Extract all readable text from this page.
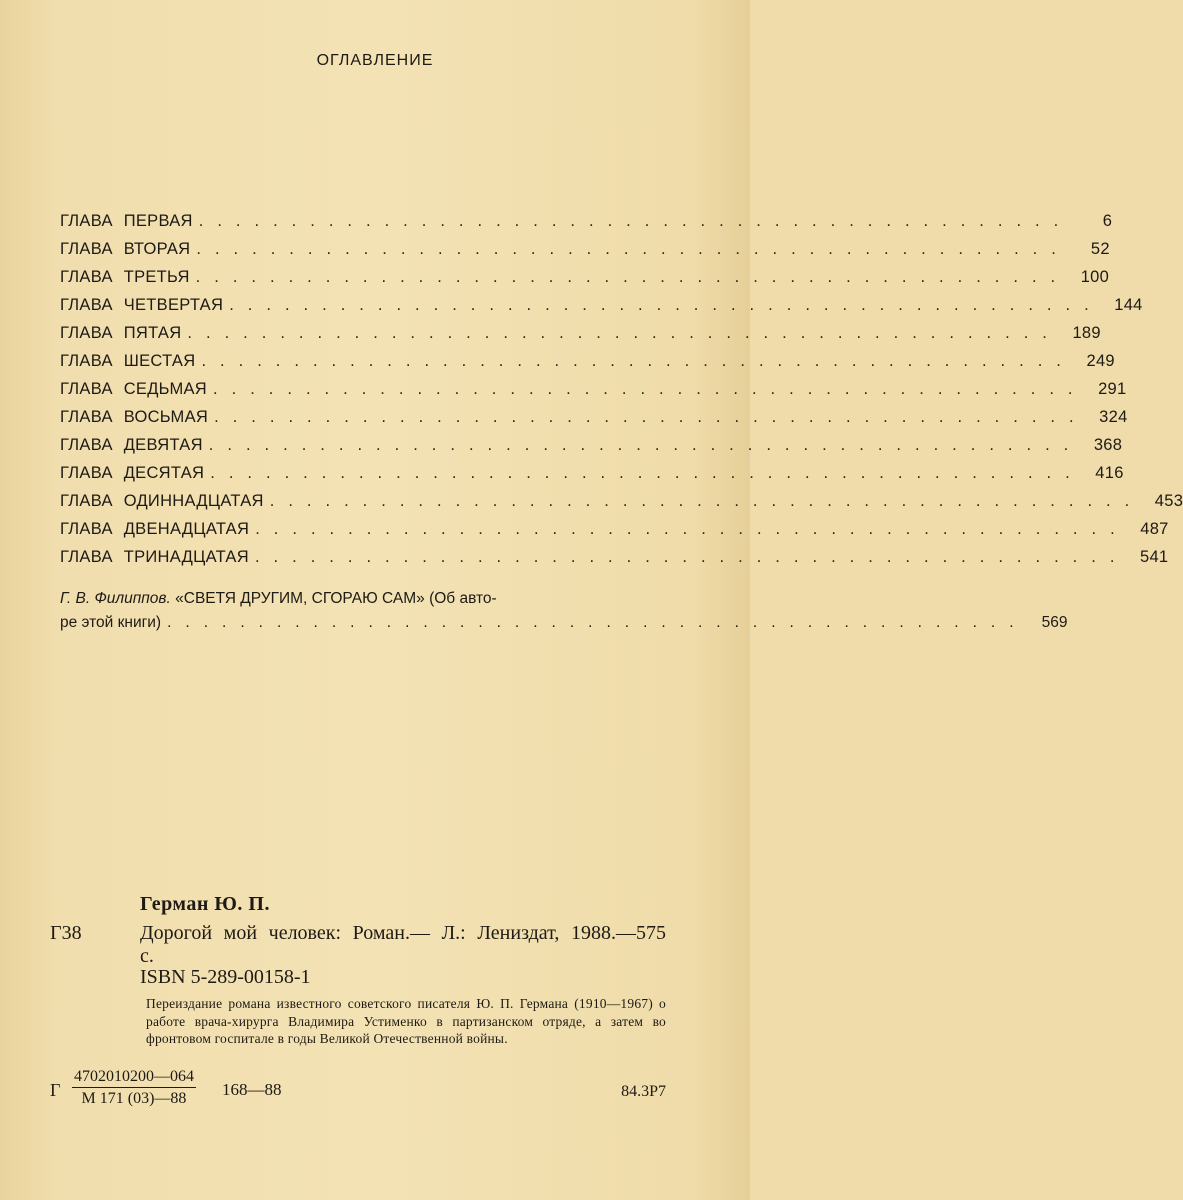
ОГЛАВЛЕНИЕ
ГЛАВА ПЕРВАЯ ...............................................	6
ГЛАВА ВТОРАЯ ...............................................	52
ГЛАВА ТРЕТЬЯ ............................................... 100
ГЛАВА ЧЕТВЕРТАЯ ............................................... 144
ГЛАВА ПЯТАЯ ............................................... 189
ГЛАВА ШЕСТАЯ ............................................... 249
ГЛАВА СЕДЬМАЯ ............................................... 291
ГЛАВА ВОСЬМАЯ ............................................... 324
ГЛАВА ДЕВЯТАЯ ............................................... 368
ГЛАВА ДЕСЯТАЯ ............................................... 416
ГЛАВА ОДИННАДЦАТАЯ ............................................... 453
ГЛАВА ДВЕНАДЦАТАЯ ............................................... 487
ГЛАВА ТРИНАДЦАТАЯ ............................................... 541
Г. В. Филиппов. «СВЕТЯ ДРУГИМ, СГОРАЮ САМ» (Об авто-
ре этой книги) ............................................... 569
Герман Ю. П.
Г38	Дорогой мой человек: Роман.— Л.: Лениздат, 1988.—575 с.
ISBN 5-289-00158-1
Переиздание романа известного советского писателя Ю. П. Германа (1910—1967) о работе врача-хирурга Владимира Устименко в партизанском отряде, а затем во фронтовом госпитале в годы Великой Отечественной войны.
Г
4702010200—064
М 171 (03)—88	168—88	84.3Р7
